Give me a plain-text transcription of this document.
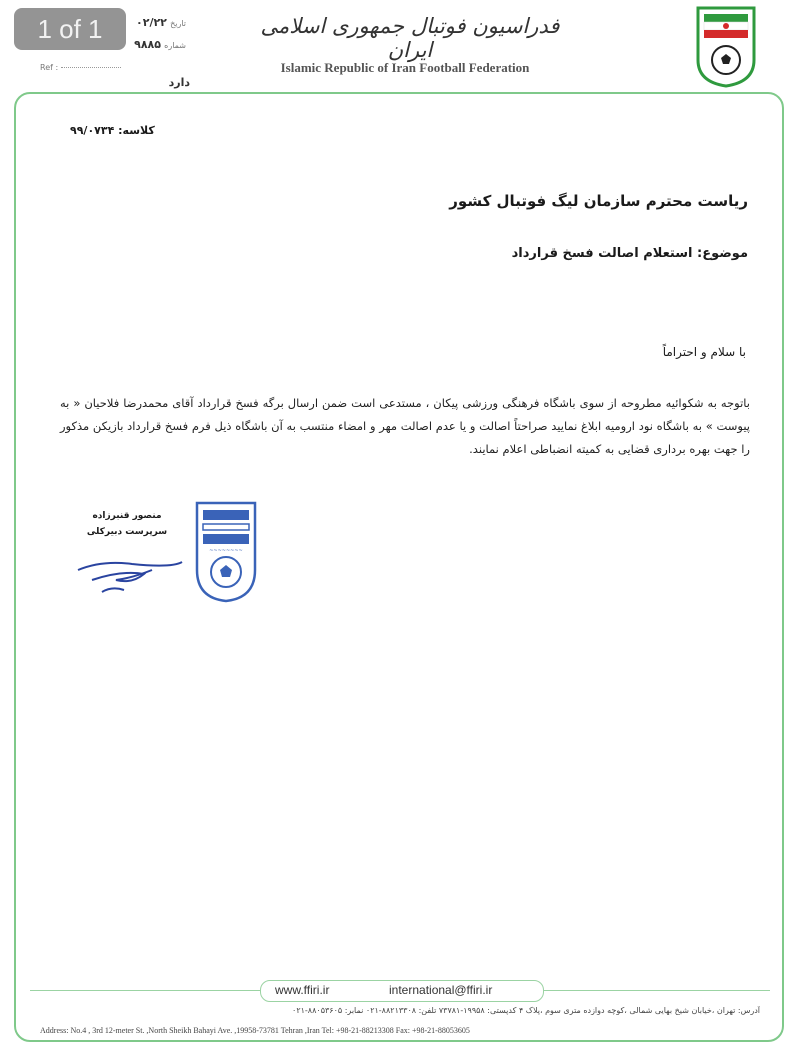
1 of 1	تاریخ ۰۲/۲۲
شماره ۹۸۸۵
Ref :
دارد
فدراسیون فوتبال جمهوری اسلامی ایران
Islamic Republic of Iran Football Federation
کلاسه: ۹۹/۰۷۳۴
ریاست محترم سازمان لیگ فوتبال کشور
موضوع: استعلام اصالت فسخ قرارداد
با سلام و احتراماً
باتوجه به شکوائیه مطروحه از سوی باشگاه فرهنگی ورزشی پیکان ، مستدعی است ضمن ارسال برگه فسخ قرارداد آقای محمدرضا فلاحیان « به پیوست » به باشگاه نود ارومیه ابلاغ نمایید صراحتاً اصالت و یا عدم اصالت مهر و امضاء منتسب به آن باشگاه ذیل فرم فسخ قرارداد بازیکن مذکور را جهت بهره برداری قضایی به کمیته انضباطی اعلام نمایند.
منصور قنبرزاده
سرپرست دبیرکلی
~~~~~~~~
www.ffiri.ir	international@ffiri.ir
آدرس: تهران ،خیابان شیخ بهایی شمالی ،کوچه دوازده متری سوم ،پلاک ۴ کدپستی: ۱۹۹۵۸-۷۳۷۸۱ تلفن: ۸۸۲۱۳۳۰۸-۰۲۱ نمابر: ۸۸۰۵۳۶۰۵-۰۲۱
Address: No.4 , 3rd 12-meter St. ,North Sheikh Bahayi Ave. ,19958-73781 Tehran ,Iran Tel: +98-21-88213308 Fax: +98-21-88053605
